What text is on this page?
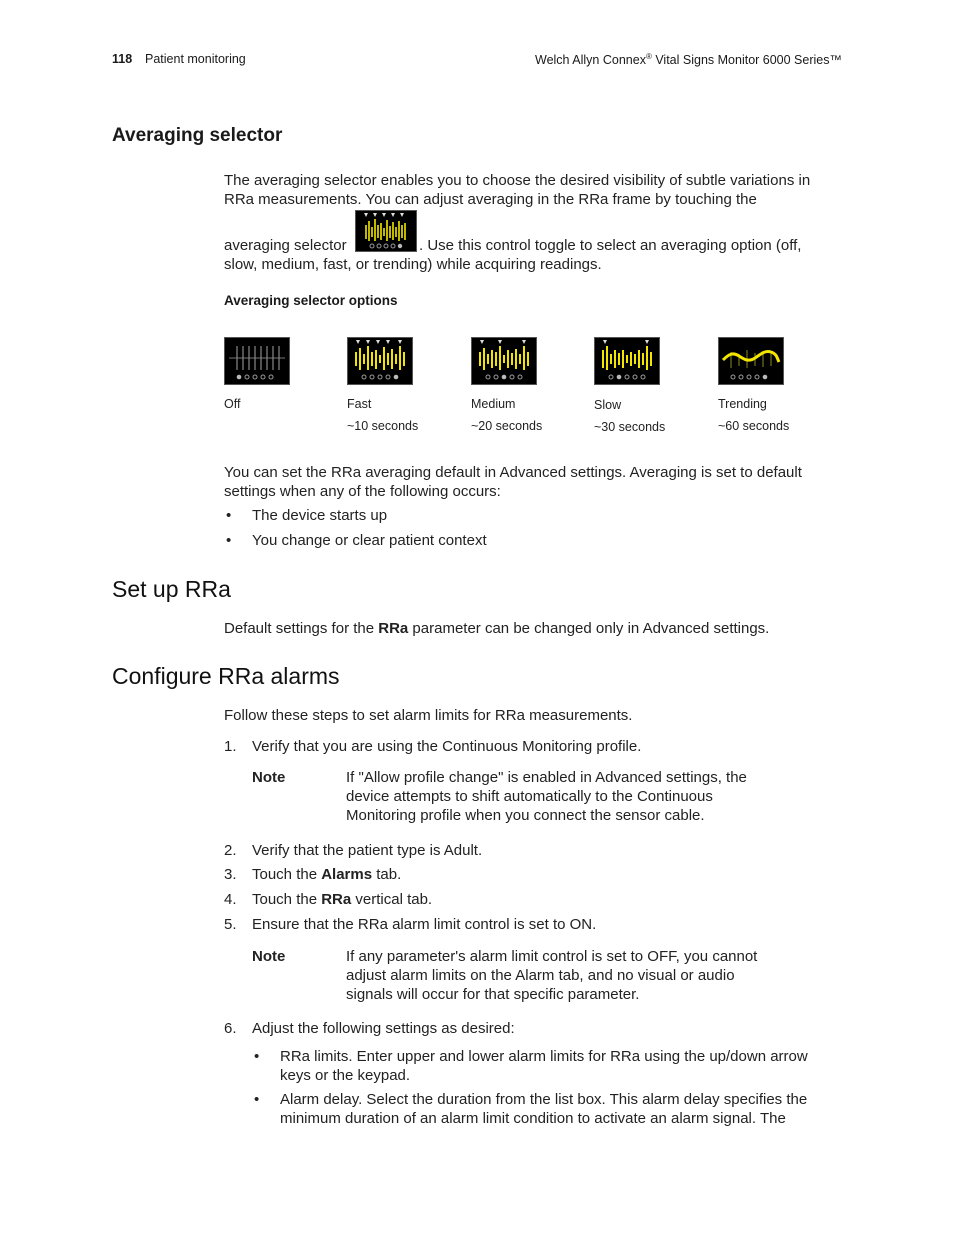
118 Patient monitoring	Welch Allyn Connex® Vital Signs Monitor 6000 Series™
Averaging selector
The averaging selector enables you to choose the desired visibility of subtle variations in RRa measurements. You can adjust averaging in the RRa frame by touching the
averaging selector	. Use this control toggle to select an averaging option (off,
slow, medium, fast, or trending) while acquiring readings.
Averaging selector options
Off	Fast
~10 seconds
Medium
~20 seconds
Slow
~30 seconds
Trending
~60 seconds
You can set the RRa averaging default in Advanced settings. Averaging is set to default settings when any of the following occurs:
• The device starts up
• You change or clear patient context
Set up RRa
Default settings for the RRa parameter can be changed only in Advanced settings.
Configure RRa alarms
Follow these steps to set alarm limits for RRa measurements.
1. Verify that you are using the Continuous Monitoring profile.
Note	If "Allow profile change" is enabled in Advanced settings, the device attempts to shift automatically to the Continuous Monitoring profile when you connect the sensor cable.
2. Verify that the patient type is Adult.
3. Touch the Alarms tab.
4. Touch the RRa vertical tab.
5. Ensure that the RRa alarm limit control is set to ON.
Note	If any parameter's alarm limit control is set to OFF, you cannot adjust alarm limits on the Alarm tab, and no visual or audio signals will occur for that specific parameter.
6. Adjust the following settings as desired:
• RRa limits. Enter upper and lower alarm limits for RRa using the up/down arrow keys or the keypad.
• Alarm delay. Select the duration from the list box. This alarm delay specifies the minimum duration of an alarm limit condition to activate an alarm signal. The
